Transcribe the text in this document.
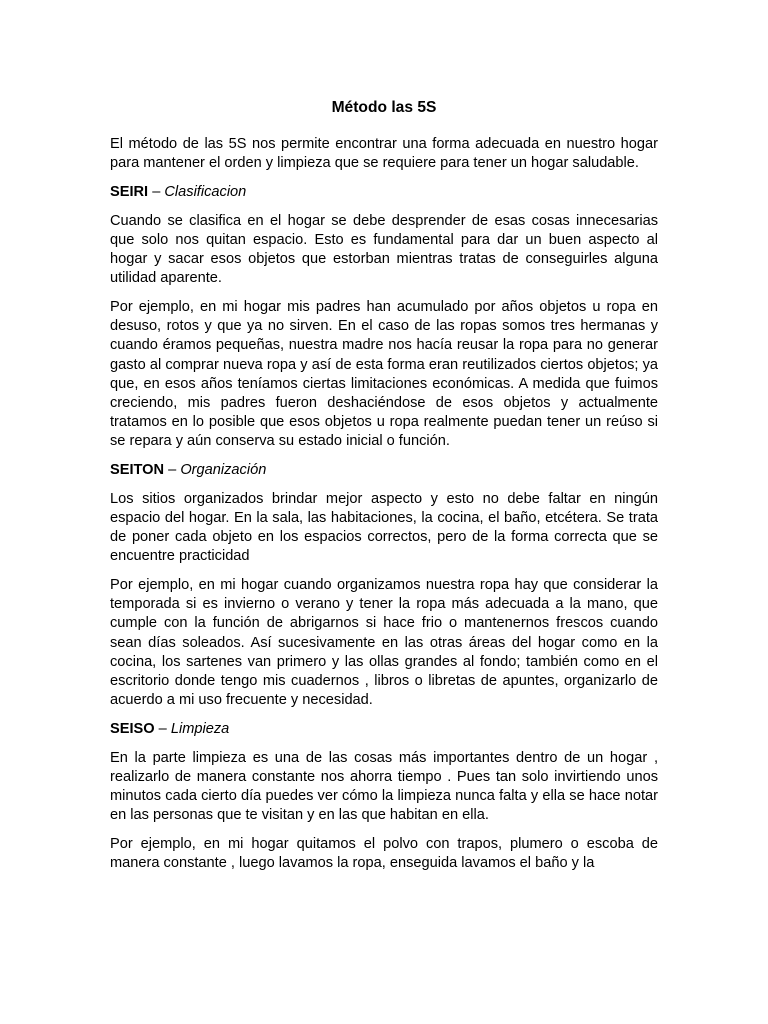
Método las 5S

El método de las 5S nos permite encontrar una forma adecuada en nuestro hogar para mantener el orden y limpieza que se requiere para tener un hogar saludable.

SEIRI – Clasificacion

Cuando se clasifica en el hogar se debe desprender de esas cosas innecesarias que solo nos quitan espacio. Esto es fundamental para dar un buen aspecto al hogar y sacar esos objetos que estorban mientras tratas de conseguirles alguna utilidad aparente.

Por ejemplo, en mi hogar mis padres han acumulado por años objetos u ropa en desuso, rotos y que ya no sirven. En el caso de las ropas somos tres hermanas y cuando éramos pequeñas, nuestra madre nos hacía reusar la ropa para no generar gasto al comprar nueva ropa y así de esta forma eran reutilizados ciertos objetos; ya que, en esos años teníamos ciertas limitaciones económicas. A medida que fuimos creciendo, mis padres fueron deshaciéndose de esos objetos y actualmente tratamos en lo posible que esos objetos u ropa realmente puedan tener un reúso si se repara y aún conserva su estado inicial o función.

SEITON – Organización

Los sitios organizados brindar mejor aspecto y esto no debe faltar en ningún espacio del hogar. En la sala, las habitaciones, la cocina, el baño, etcétera. Se trata de poner cada objeto en los espacios correctos, pero de la forma correcta que se encuentre practicidad

Por ejemplo, en mi hogar cuando organizamos nuestra ropa hay que considerar la temporada si es invierno o verano y tener la ropa más adecuada a la mano, que cumple con la función de abrigarnos si hace frio o mantenernos frescos cuando sean días soleados. Así sucesivamente en las otras áreas del hogar como en la cocina, los sartenes van primero y las ollas grandes al fondo; también como en el escritorio donde tengo mis cuadernos , libros o libretas de apuntes, organizarlo de acuerdo a mi uso frecuente y necesidad.

SEISO – Limpieza

En la parte limpieza es una de las cosas más importantes dentro de un hogar , realizarlo de manera constante nos ahorra tiempo . Pues tan solo invirtiendo unos minutos cada cierto día puedes ver cómo la limpieza nunca falta y ella se hace notar en las personas que te visitan y en las que habitan en ella.

Por ejemplo, en mi hogar quitamos el polvo con trapos, plumero o escoba de manera constante , luego lavamos la ropa, enseguida lavamos el baño y la
